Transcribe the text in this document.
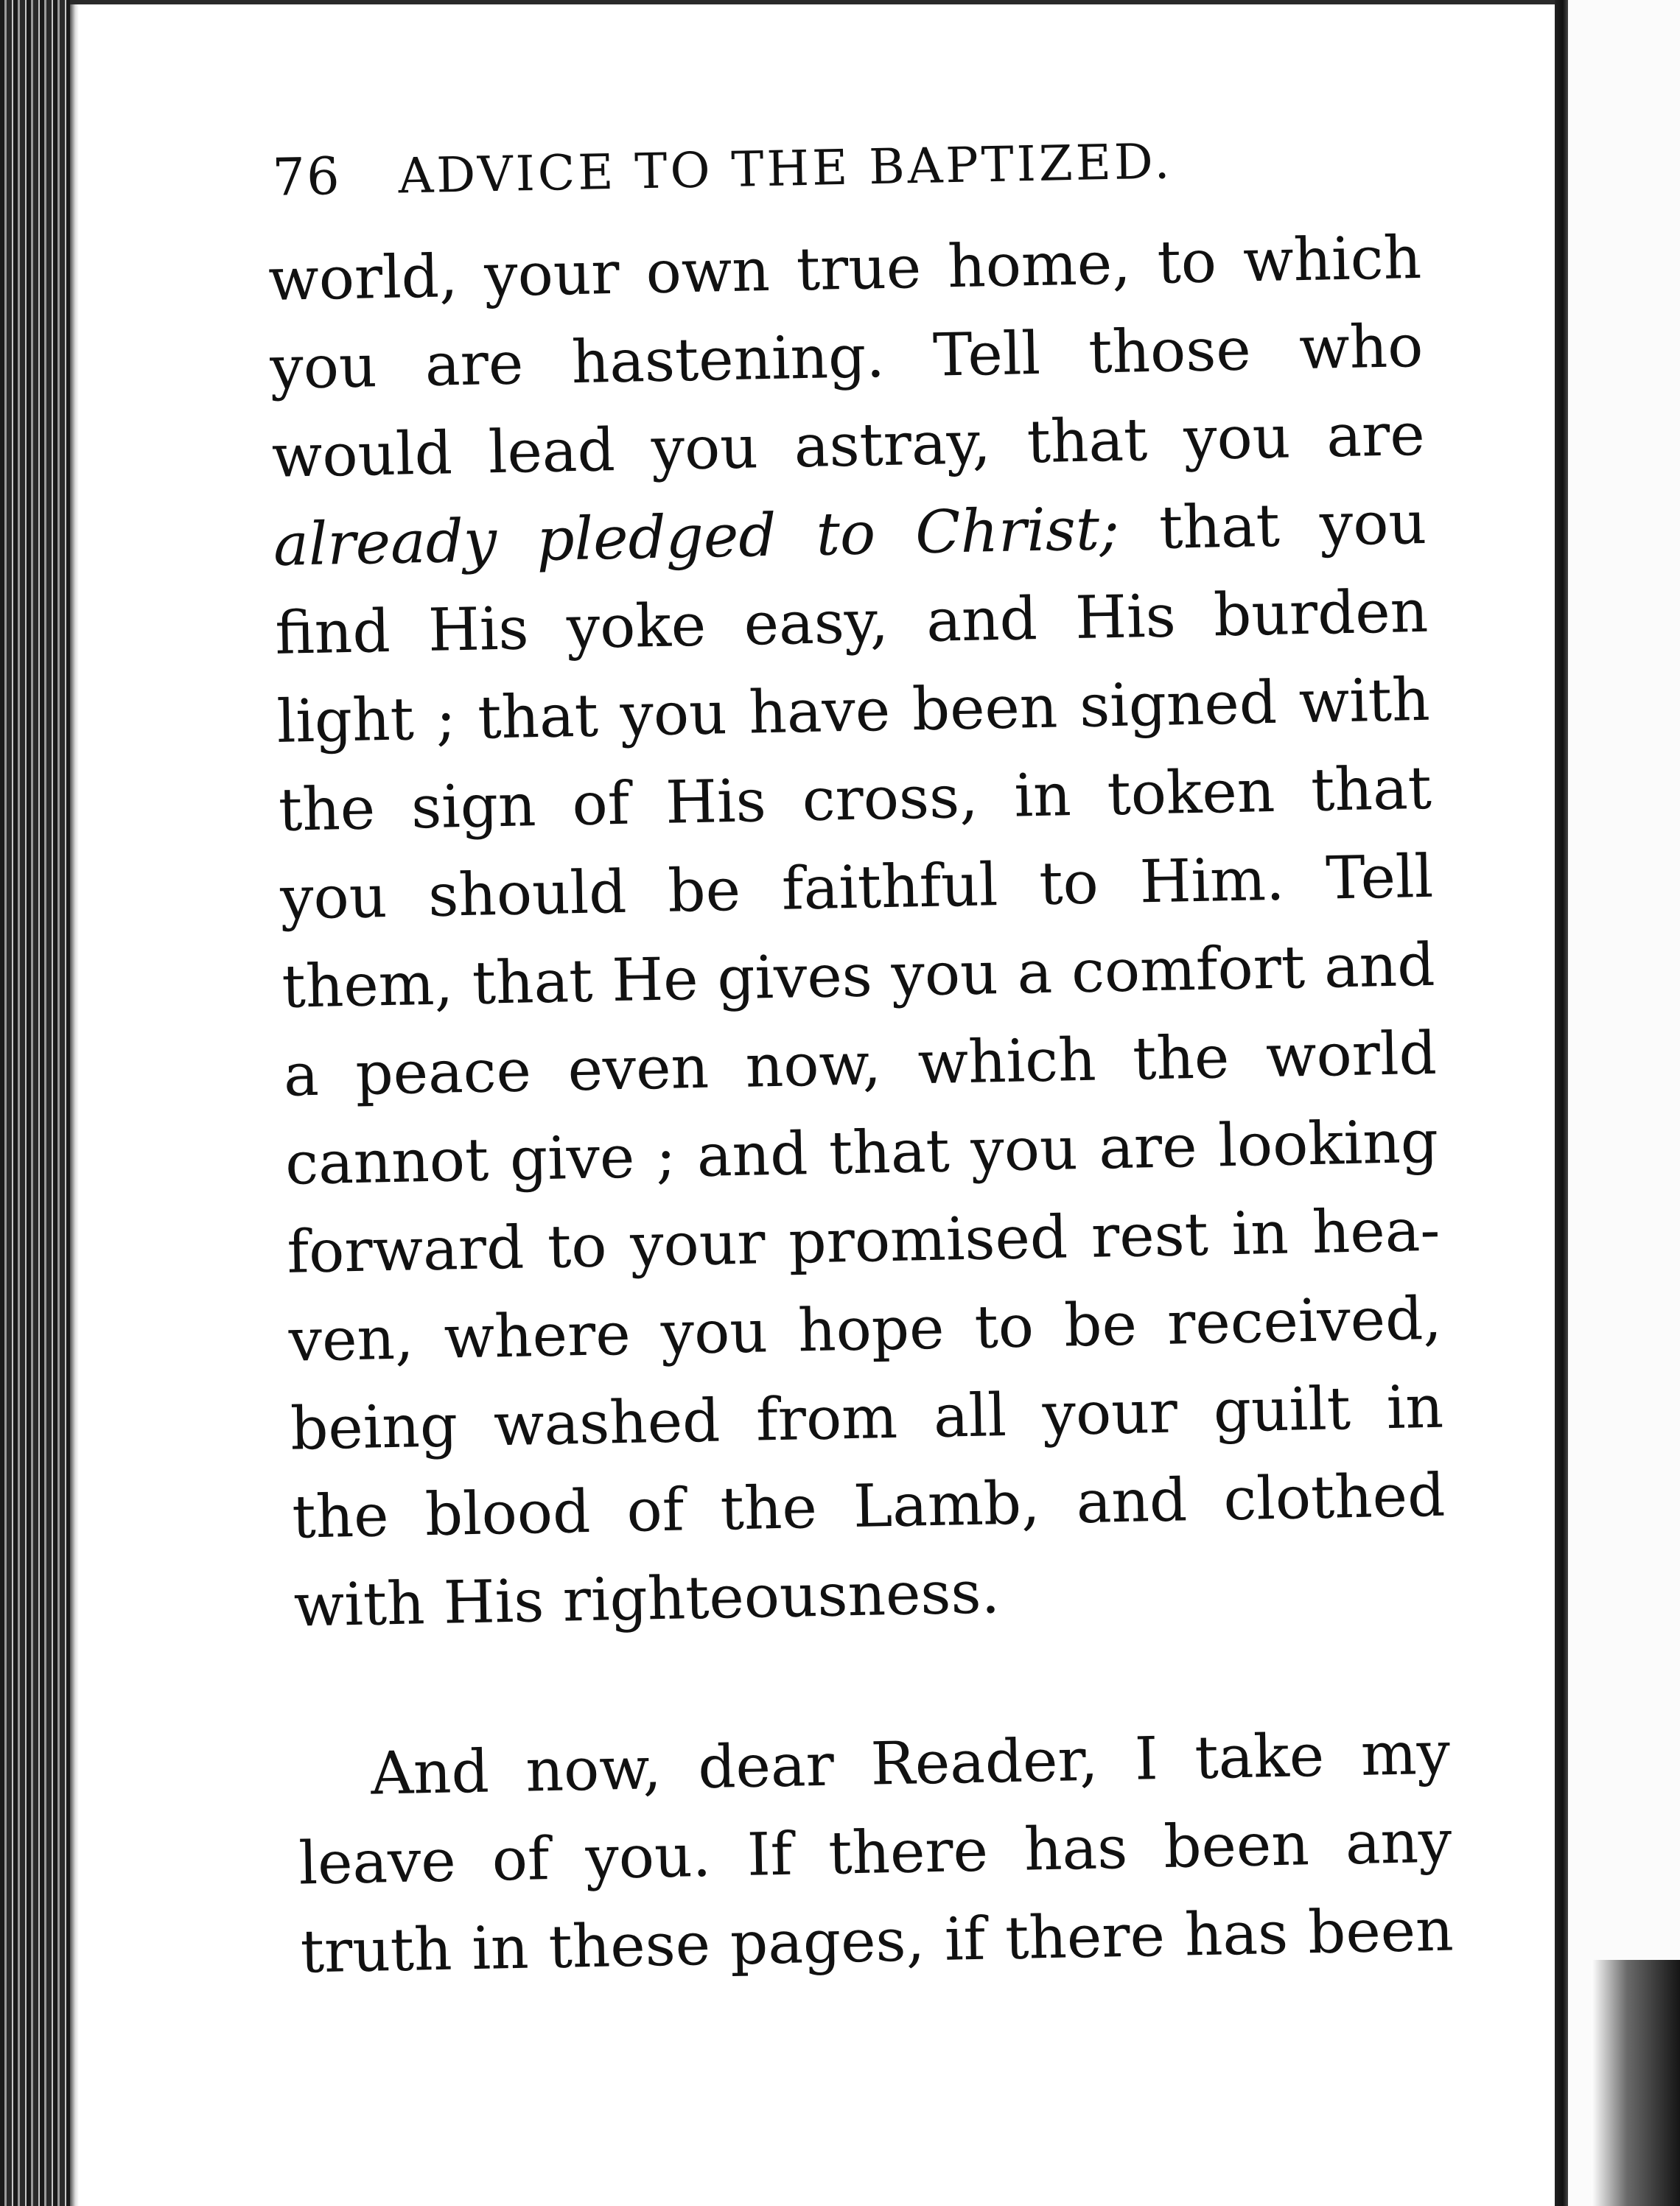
76 ADVICE TO THE BAPTIZED.
world, your own true home, to which
you are hastening. Tell those who
would lead you astray, that you are
already pledged to Christ; that you
find His yoke easy, and His burden
light ; that you have been signed with
the sign of His cross, in token that
you should be faithful to Him. Tell
them, that He gives you a comfort and
a peace even now, which the world
cannot give ; and that you are looking
forward to your promised rest in hea-
ven, where you hope to be received,
being washed from all your guilt in
the blood of the Lamb, and clothed
with His righteousness.
And now, dear Reader, I take my
leave of you. If there has been any
truth in these pages, if there has been
